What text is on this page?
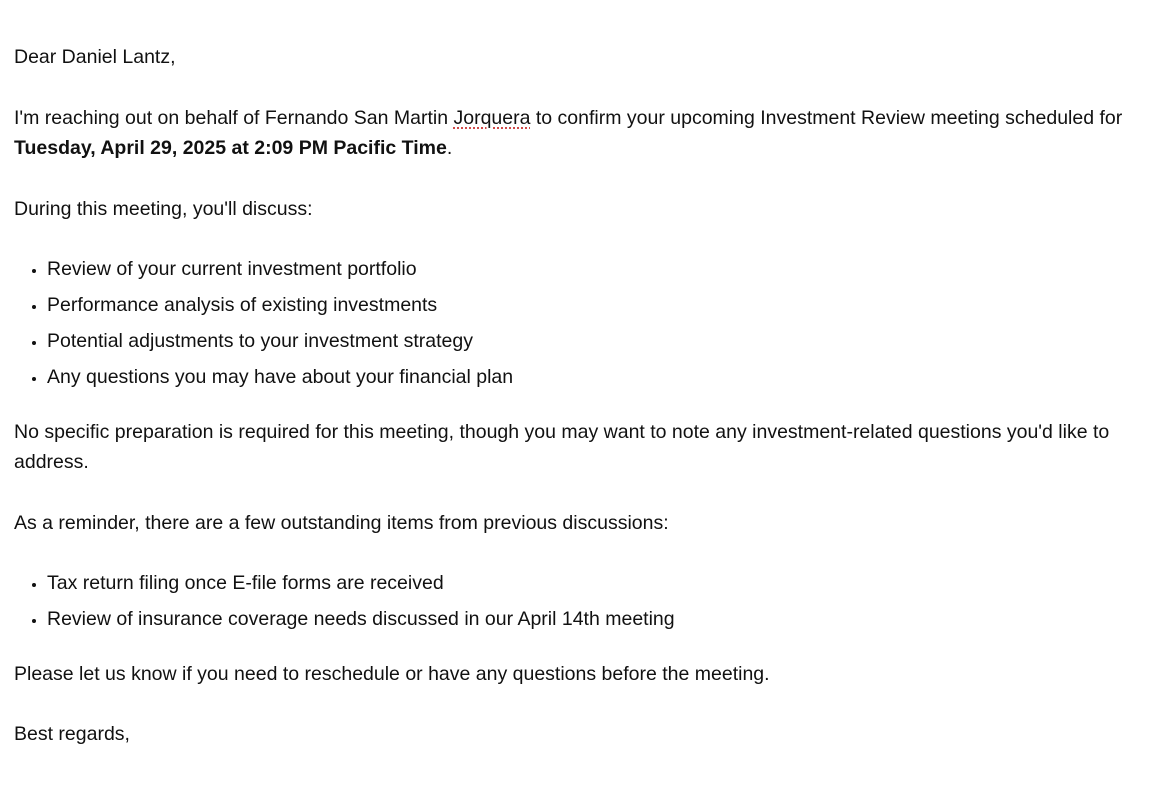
Dear Daniel Lantz,

I'm reaching out on behalf of Fernando San Martin Jorquera to confirm your upcoming Investment Review meeting scheduled for Tuesday, April 29, 2025 at 2:09 PM Pacific Time.

During this meeting, you'll discuss:

• Review of your current investment portfolio
• Performance analysis of existing investments
• Potential adjustments to your investment strategy
• Any questions you may have about your financial plan

No specific preparation is required for this meeting, though you may want to note any investment-related questions you'd like to address.

As a reminder, there are a few outstanding items from previous discussions:

• Tax return filing once E-file forms are received
• Review of insurance coverage needs discussed in our April 14th meeting

Please let us know if you need to reschedule or have any questions before the meeting.

Best regards,
